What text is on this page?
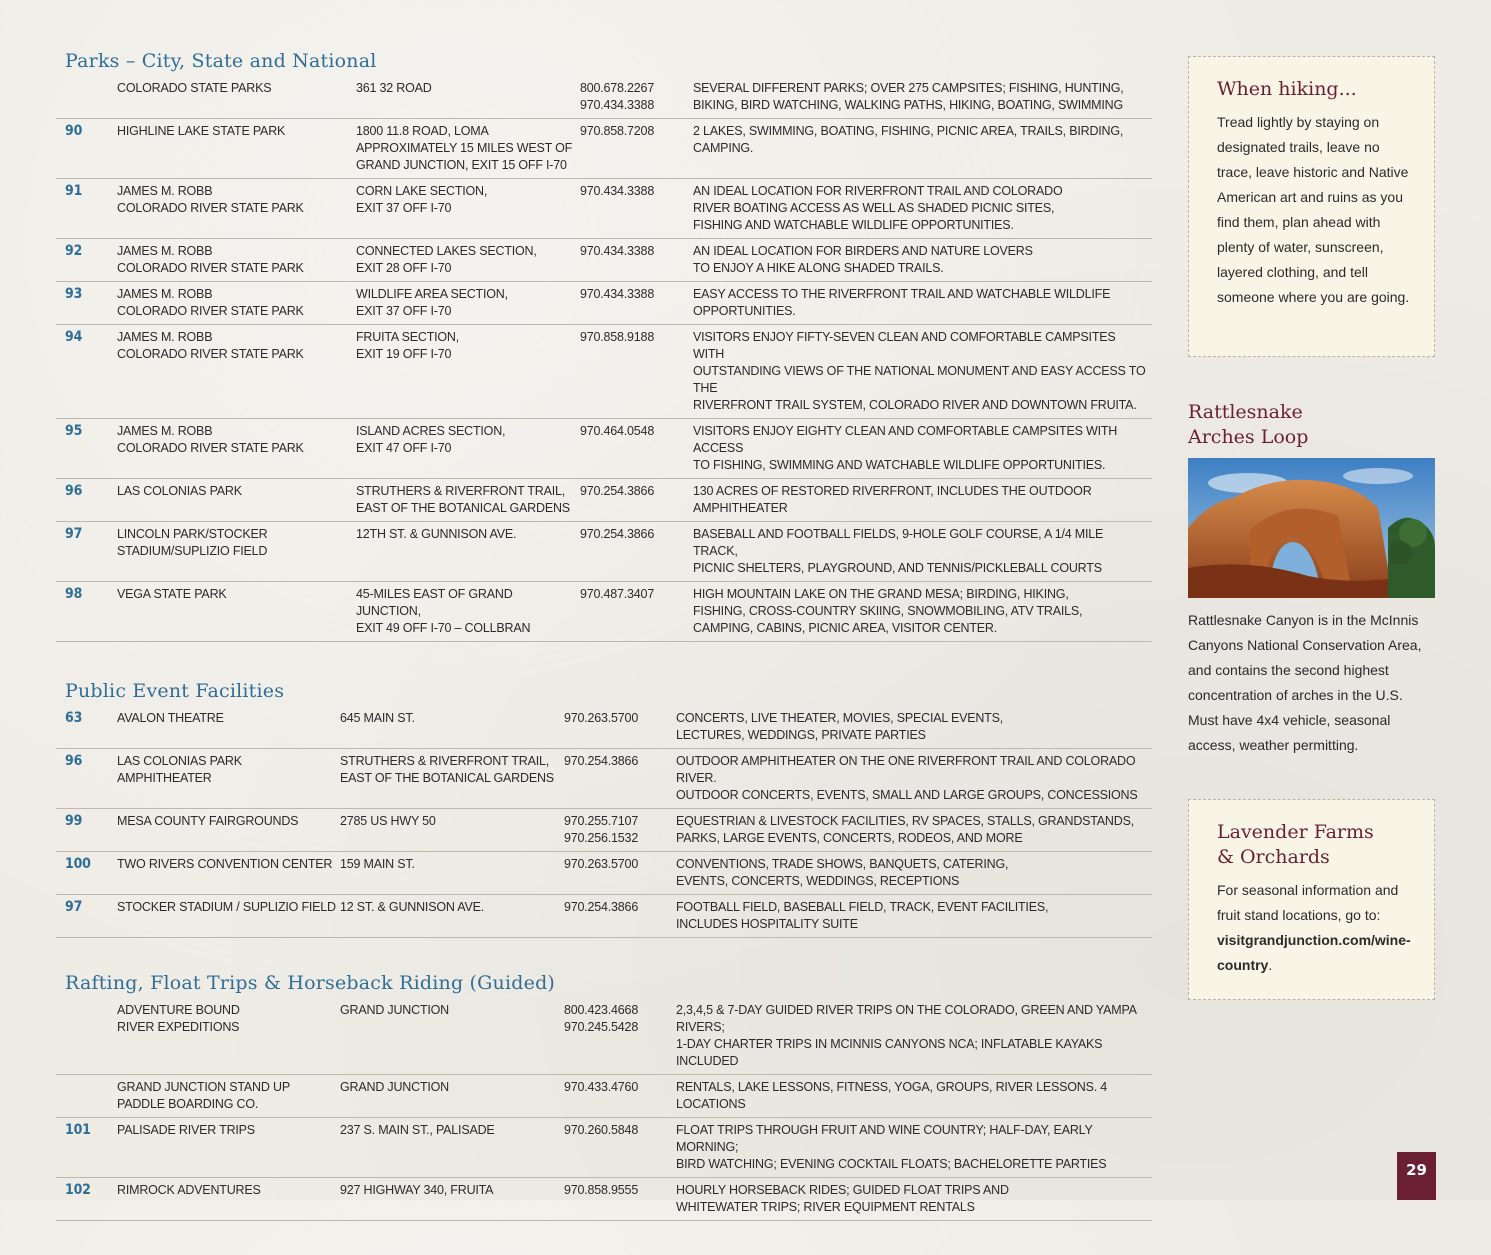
Parks – City, State and National
	COLORADO STATE PARKS	361 32 ROAD	800.678.2267
970.434.3388	SEVERAL DIFFERENT PARKS; OVER 275 CAMPSITES; FISHING, HUNTING,
BIKING, BIRD WATCHING, WALKING PATHS, HIKING, BOATING, SWIMMING
90	HIGHLINE LAKE STATE PARK	1800 11.8 ROAD, LOMA
APPROXIMATELY 15 MILES WEST OF
GRAND JUNCTION, EXIT 15 OFF I-70	970.858.7208	2 LAKES, SWIMMING, BOATING, FISHING, PICNIC AREA, TRAILS, BIRDING, CAMPING.
91	JAMES M. ROBB
COLORADO RIVER STATE PARK	CORN LAKE SECTION,
EXIT 37 OFF I-70	970.434.3388	AN IDEAL LOCATION FOR RIVERFRONT TRAIL AND COLORADO
RIVER BOATING ACCESS AS WELL AS SHADED PICNIC SITES,
FISHING AND WATCHABLE WILDLIFE OPPORTUNITIES.
92	JAMES M. ROBB
COLORADO RIVER STATE PARK	CONNECTED LAKES SECTION,
EXIT 28 OFF I-70	970.434.3388	AN IDEAL LOCATION FOR BIRDERS AND NATURE LOVERS
TO ENJOY A HIKE ALONG SHADED TRAILS.
93	JAMES M. ROBB
COLORADO RIVER STATE PARK	WILDLIFE AREA SECTION,
EXIT 37 OFF I-70	970.434.3388	EASY ACCESS TO THE RIVERFRONT TRAIL AND WATCHABLE WILDLIFE OPPORTUNITIES.
94	JAMES M. ROBB
COLORADO RIVER STATE PARK	FRUITA SECTION,
EXIT 19 OFF I-70	970.858.9188	VISITORS ENJOY FIFTY-SEVEN CLEAN AND COMFORTABLE CAMPSITES WITH
OUTSTANDING VIEWS OF THE NATIONAL MONUMENT AND EASY ACCESS TO THE
RIVERFRONT TRAIL SYSTEM, COLORADO RIVER AND DOWNTOWN FRUITA.
95	JAMES M. ROBB
COLORADO RIVER STATE PARK	ISLAND ACRES SECTION,
EXIT 47 OFF I-70	970.464.0548	VISITORS ENJOY EIGHTY CLEAN AND COMFORTABLE CAMPSITES WITH ACCESS
TO FISHING, SWIMMING AND WATCHABLE WILDLIFE OPPORTUNITIES.
96	LAS COLONIAS PARK	STRUTHERS & RIVERFRONT TRAIL,
EAST OF THE BOTANICAL GARDENS	970.254.3866	130 ACRES OF RESTORED RIVERFRONT, INCLUDES THE OUTDOOR AMPHITHEATER
97	LINCOLN PARK/STOCKER
STADIUM/SUPLIZIO FIELD	12TH ST. & GUNNISON AVE.	970.254.3866	BASEBALL AND FOOTBALL FIELDS, 9-HOLE GOLF COURSE, A 1/4 MILE TRACK,
PICNIC SHELTERS, PLAYGROUND, AND TENNIS/PICKLEBALL COURTS
98	VEGA STATE PARK	45-MILES EAST OF GRAND JUNCTION,
EXIT 49 OFF I-70 – COLLBRAN	970.487.3407	HIGH MOUNTAIN LAKE ON THE GRAND MESA; BIRDING, HIKING,
FISHING, CROSS-COUNTRY SKIING, SNOWMOBILING, ATV TRAILS,
CAMPING, CABINS, PICNIC AREA, VISITOR CENTER.
Public Event Facilities
63	AVALON THEATRE	645 MAIN ST.	970.263.5700	CONCERTS, LIVE THEATER, MOVIES, SPECIAL EVENTS,
LECTURES, WEDDINGS, PRIVATE PARTIES
96	LAS COLONIAS PARK AMPHITHEATER	STRUTHERS & RIVERFRONT TRAIL,
EAST OF THE BOTANICAL GARDENS	970.254.3866	OUTDOOR AMPHITHEATER ON THE ONE RIVERFRONT TRAIL AND COLORADO RIVER.
OUTDOOR CONCERTS, EVENTS, SMALL AND LARGE GROUPS, CONCESSIONS
99	MESA COUNTY FAIRGROUNDS	2785 US HWY 50	970.255.7107
970.256.1532	EQUESTRIAN & LIVESTOCK FACILITIES, RV SPACES, STALLS, GRANDSTANDS,
PARKS, LARGE EVENTS, CONCERTS, RODEOS, AND MORE
100	TWO RIVERS CONVENTION CENTER	159 MAIN ST.	970.263.5700	CONVENTIONS, TRADE SHOWS, BANQUETS, CATERING,
EVENTS, CONCERTS, WEDDINGS, RECEPTIONS
97	STOCKER STADIUM / SUPLIZIO FIELD	12 ST. & GUNNISON AVE.	970.254.3866	FOOTBALL FIELD, BASEBALL FIELD, TRACK, EVENT FACILITIES,
INCLUDES HOSPITALITY SUITE
Rafting, Float Trips & Horseback Riding (Guided)
	ADVENTURE BOUND
RIVER EXPEDITIONS	GRAND JUNCTION	800.423.4668
970.245.5428	2,3,4,5 & 7-DAY GUIDED RIVER TRIPS ON THE COLORADO, GREEN AND YAMPA RIVERS;
1-DAY CHARTER TRIPS IN MCINNIS CANYONS NCA; INFLATABLE KAYAKS INCLUDED
	GRAND JUNCTION STAND UP
PADDLE BOARDING CO.	GRAND JUNCTION	970.433.4760	RENTALS, LAKE LESSONS, FITNESS, YOGA, GROUPS, RIVER LESSONS. 4 LOCATIONS
101	PALISADE RIVER TRIPS	237 S. MAIN ST., PALISADE	970.260.5848	FLOAT TRIPS THROUGH FRUIT AND WINE COUNTRY; HALF-DAY, EARLY MORNING;
BIRD WATCHING; EVENING COCKTAIL FLOATS; BACHELORETTE PARTIES
102	RIMROCK ADVENTURES	927 HIGHWAY 340, FRUITA	970.858.9555	HOURLY HORSEBACK RIDES; GUIDED FLOAT TRIPS AND
WHITEWATER TRIPS; RIVER EQUIPMENT RENTALS
When hiking...

Tread lightly by staying on designated trails, leave no trace, leave historic and Native American art and ruins as you find them, plan ahead with plenty of water, sunscreen, layered clothing, and tell someone where you are going.

Rattlesnake
Arches Loop

Rattlesnake Canyon is in the McInnis Canyons National Conservation Area, and contains the second highest concentration of arches in the U.S. Must have 4x4 vehicle, seasonal access, weather permitting.

Lavender Farms
& Orchards

For seasonal information and fruit stand locations, go to: visitgrandjunction.com/wine-country.

29
